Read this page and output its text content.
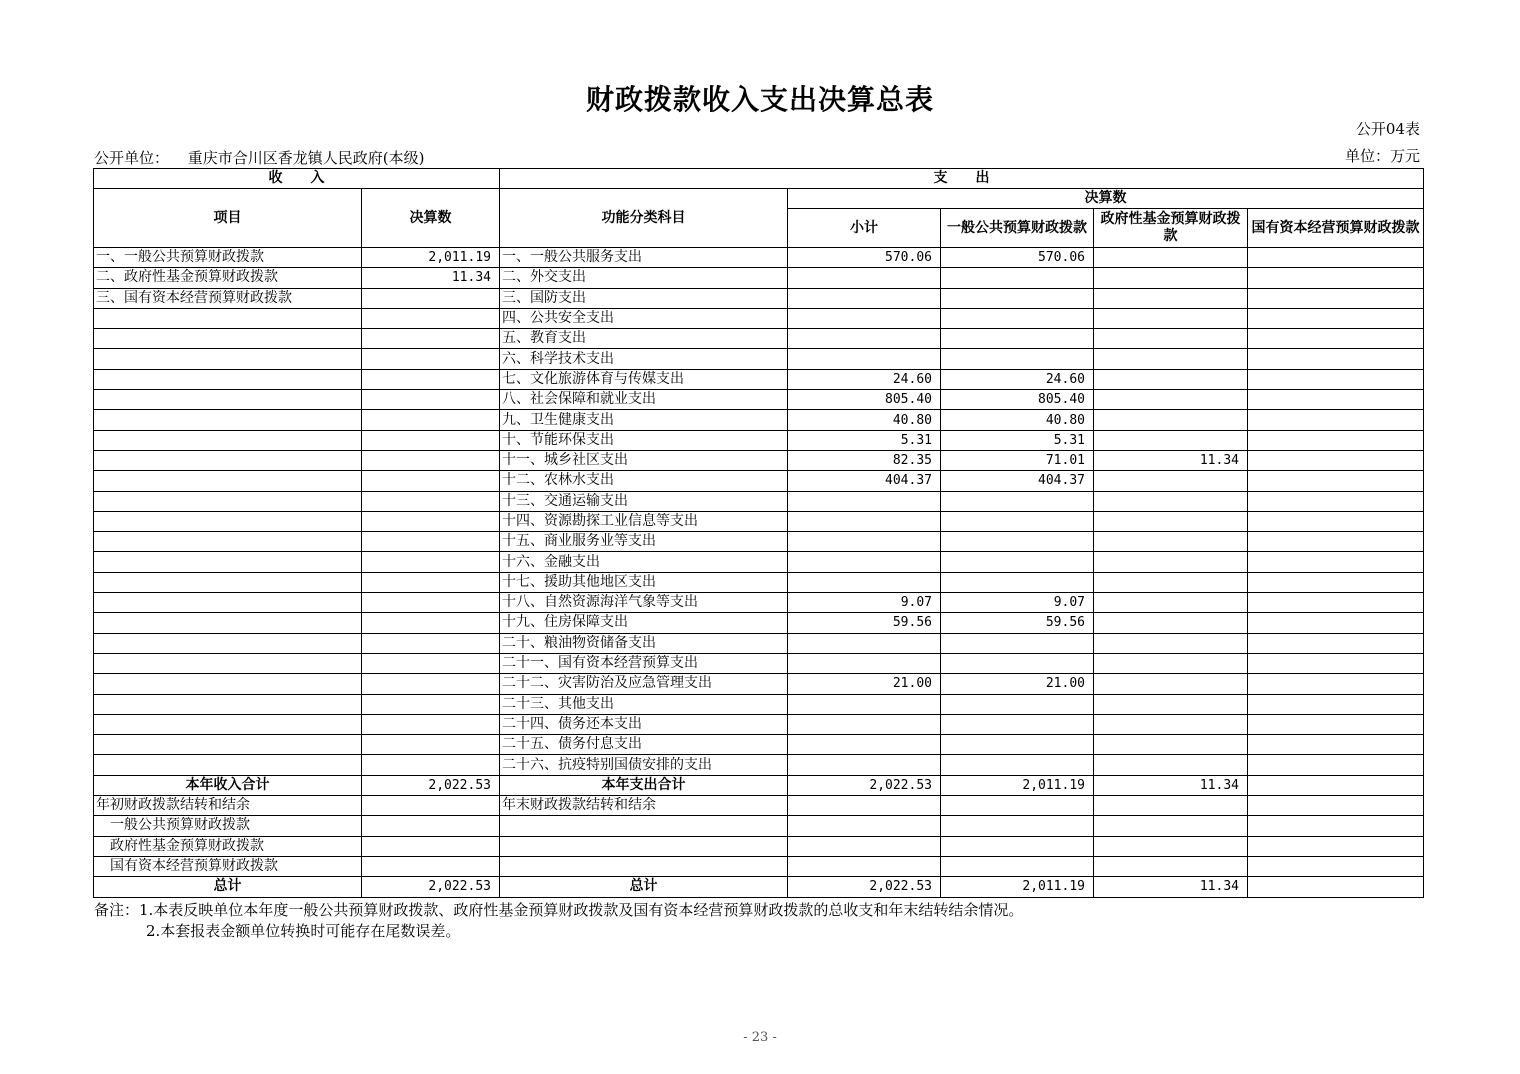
财政拨款收入支出决算总表
公开04表
公开单位： 重庆市合川区香龙镇人民政府(本级)	单位：万元
收　　入		支　　出				
项目	决算数	功能分类科目	决算数			
			小计	一般公共预算财政拨款	政府性基金预算财政拨款	国有资本经营预算财政拨款

一、一般公共预算财政拨款	2,011.19	一、一般公共服务支出	570.06	570.06		
二、政府性基金预算财政拨款	11.34	二、外交支出				
三、国有资本经营预算财政拨款		三、国防支出				
		四、公共安全支出				
		五、教育支出				
		六、科学技术支出				
		七、文化旅游体育与传媒支出	24.60	24.60		
		八、社会保障和就业支出	805.40	805.40		
		九、卫生健康支出	40.80	40.80		
		十、节能环保支出	5.31	5.31		
		十一、城乡社区支出	82.35	71.01	11.34	
		十二、农林水支出	404.37	404.37		
		十三、交通运输支出				
		十四、资源勘探工业信息等支出				
		十五、商业服务业等支出				
		十六、金融支出				
		十七、援助其他地区支出				
		十八、自然资源海洋气象等支出	9.07	9.07		
		十九、住房保障支出	59.56	59.56		
		二十、粮油物资储备支出				
		二十一、国有资本经营预算支出				
		二十二、灾害防治及应急管理支出	21.00	21.00		
		二十三、其他支出				
		二十四、债务还本支出				
		二十五、债务付息支出				
		二十六、抗疫特别国债安排的支出				
本年收入合计	2,022.53	本年支出合计	2,022.53	2,011.19	11.34	
年初财政拨款结转和结余		年末财政拨款结转和结余				
一般公共预算财政拨款						
政府性基金预算财政拨款						
国有资本经营预算财政拨款						
总计	2,022.53	总计	2,022.53	2,011.19	11.34	
备注：1.本表反映单位本年度一般公共预算财政拨款、政府性基金预算财政拨款及国有资本经营预算财政拨款的总收支和年末结转结余情况。
2.本套报表金额单位转换时可能存在尾数误差。
- 23 -
